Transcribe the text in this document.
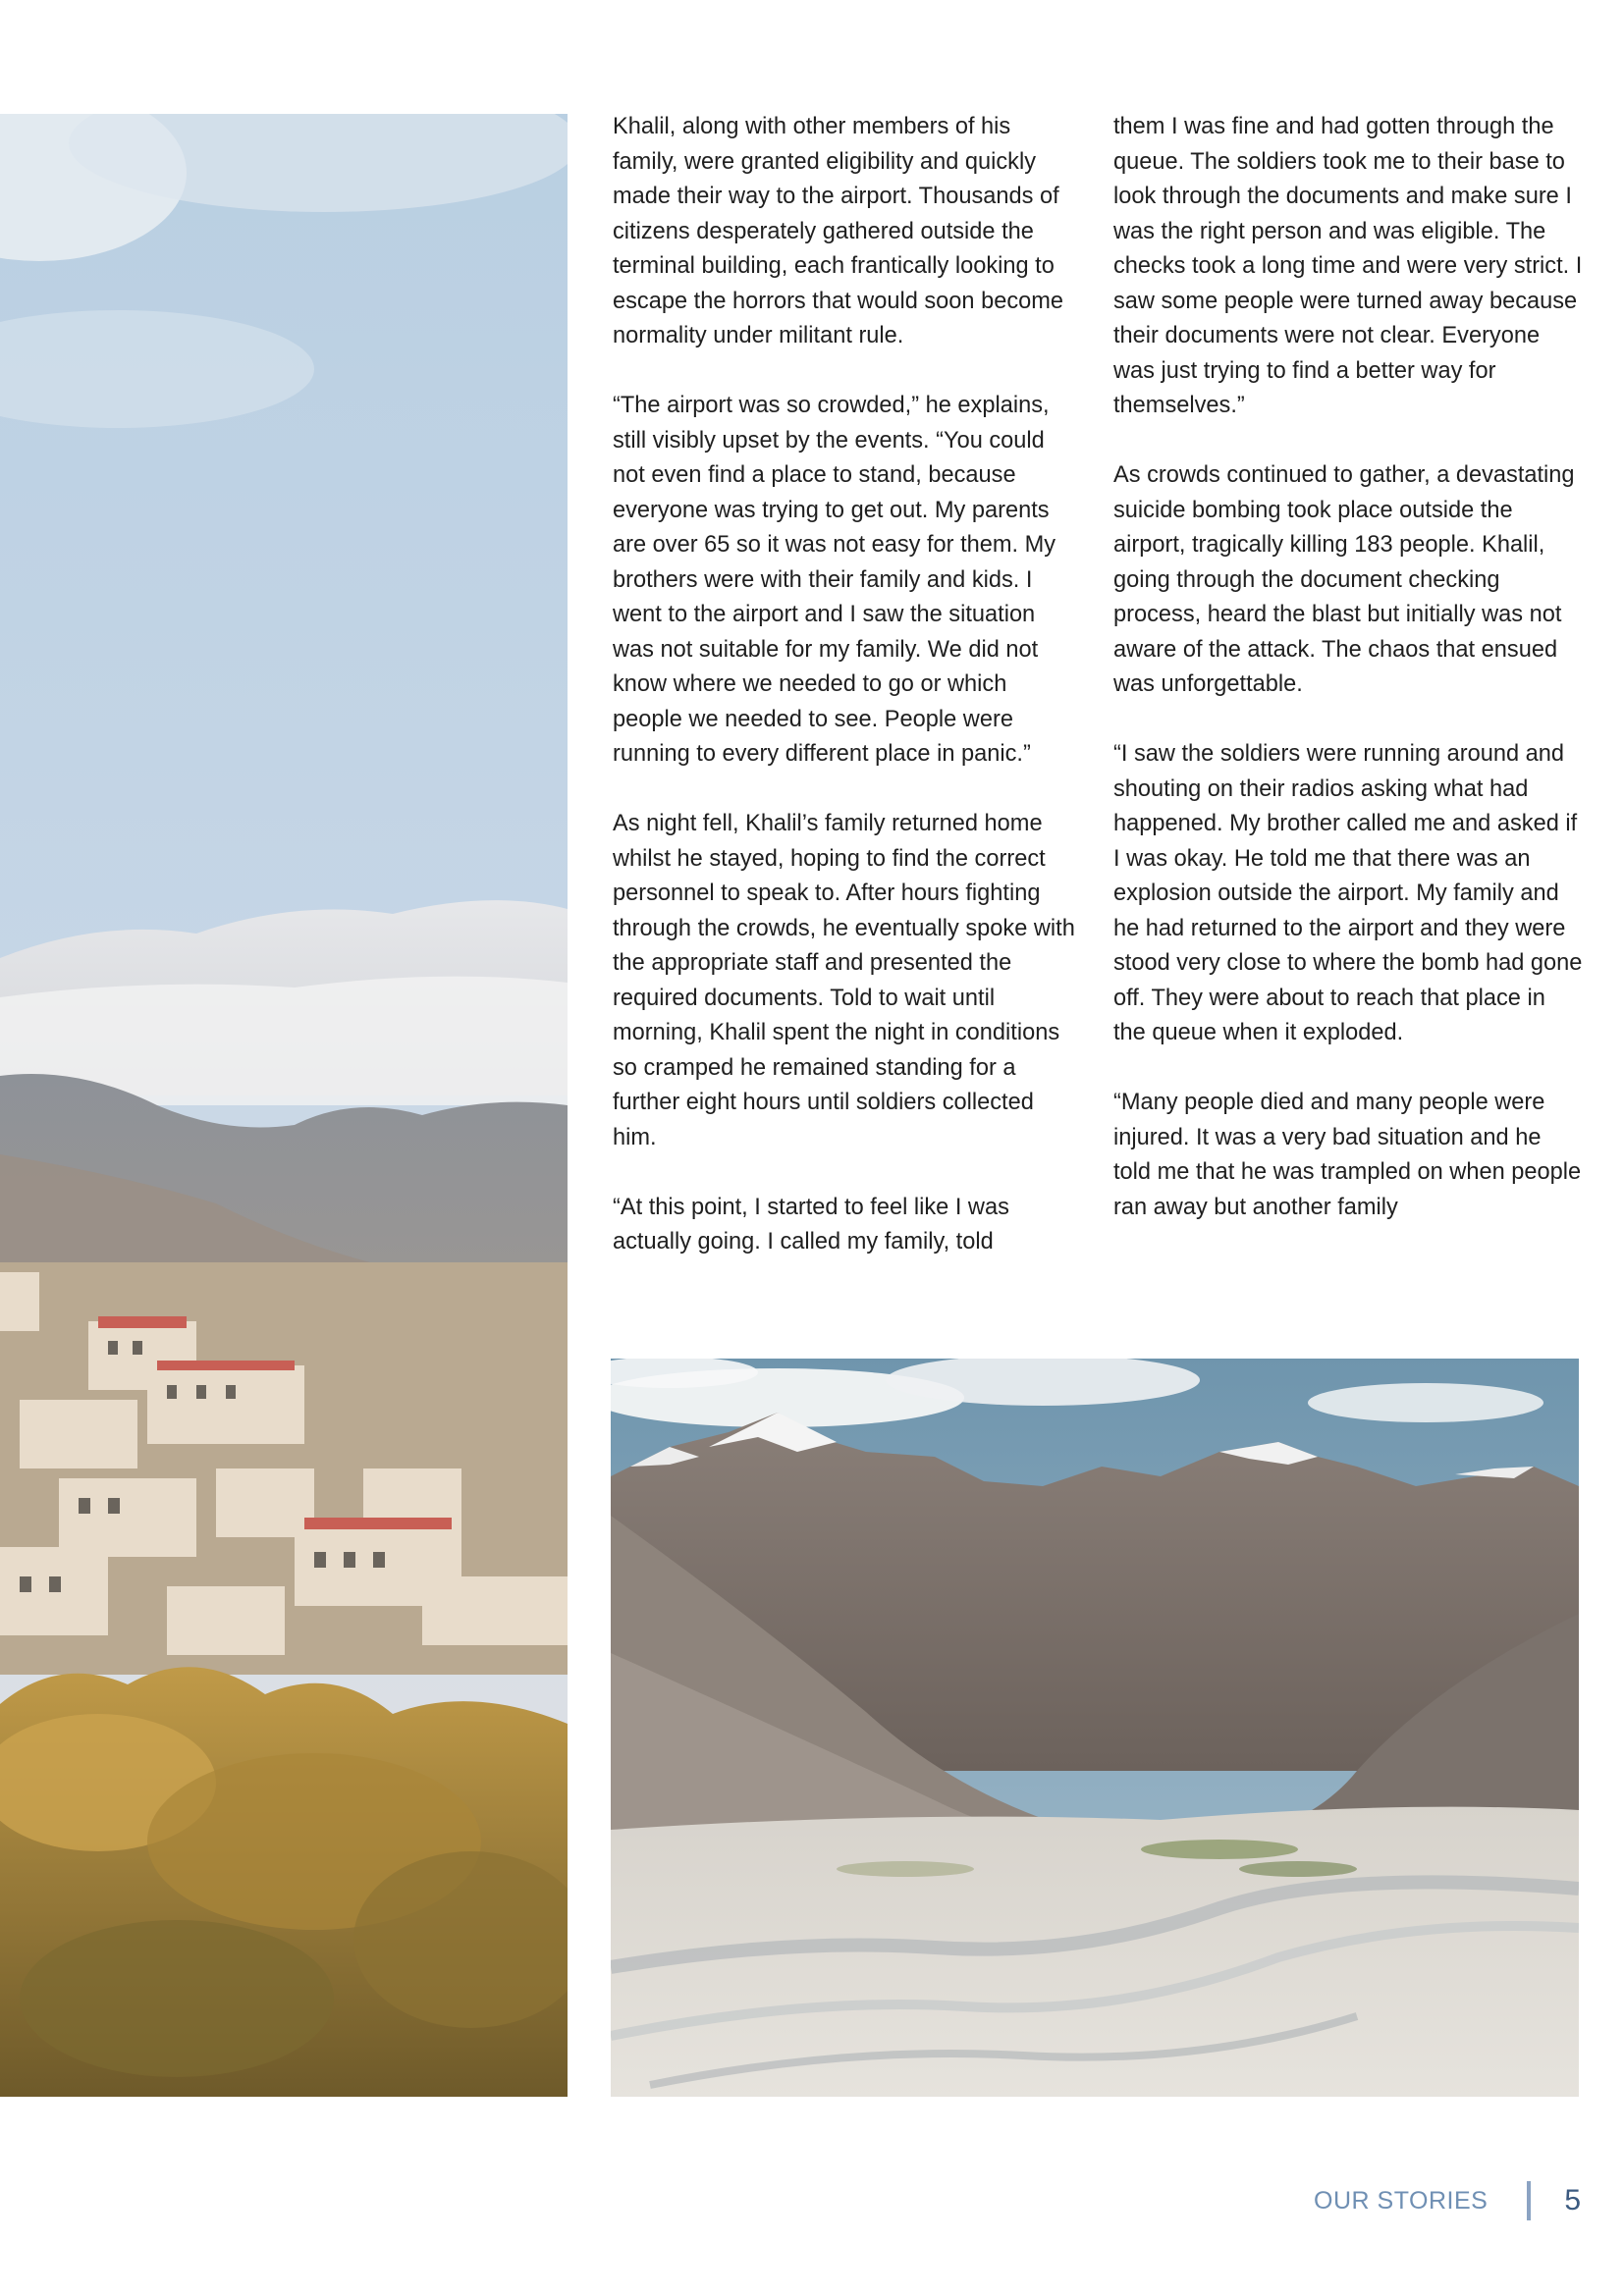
Khalil, along with other members of his family, were granted eligibility and quickly made their way to the airport. Thousands of citizens desperately gathered outside the terminal building, each frantically looking to escape the horrors that would soon become normality under militant rule.

“The airport was so crowded,” he explains, still visibly upset by the events. “You could not even find a place to stand, because everyone was trying to get out. My parents are over 65 so it was not easy for them. My brothers were with their family and kids. I went to the airport and I saw the situation was not suitable for my family. We did not know where we needed to go or which people we needed to see. People were running to every different place in panic.”

As night fell, Khalil’s family returned home whilst he stayed, hoping to find the correct personnel to speak to. After hours fighting through the crowds, he eventually spoke with the appropriate staff and presented the required documents. Told to wait until morning, Khalil spent the night in conditions so cramped he remained standing for a further eight hours until soldiers collected him.

“At this point, I started to feel like I was actually going. I called my family, told

them I was fine and had gotten through the queue. The soldiers took me to their base to look through the documents and make sure I was the right person and was eligible. The checks took a long time and were very strict. I saw some people were turned away because their documents were not clear. Everyone was just trying to find a better way for themselves.”

As crowds continued to gather, a devastating suicide bombing took place outside the airport, tragically killing 183 people. Khalil, going through the document checking process, heard the blast but initially was not aware of the attack. The chaos that ensued was unforgettable.

“I saw the soldiers were running around and shouting on their radios asking what had happened. My brother called me and asked if I was okay. He told me that there was an explosion outside the airport. My family and he had returned to the airport and they were stood very close to where the bomb had gone off. They were about to reach that place in the queue when it exploded.

“Many people died and many people were injured. It was a very bad situation and he told me that he was trampled on when people ran away but another family

OUR STORIES	5
